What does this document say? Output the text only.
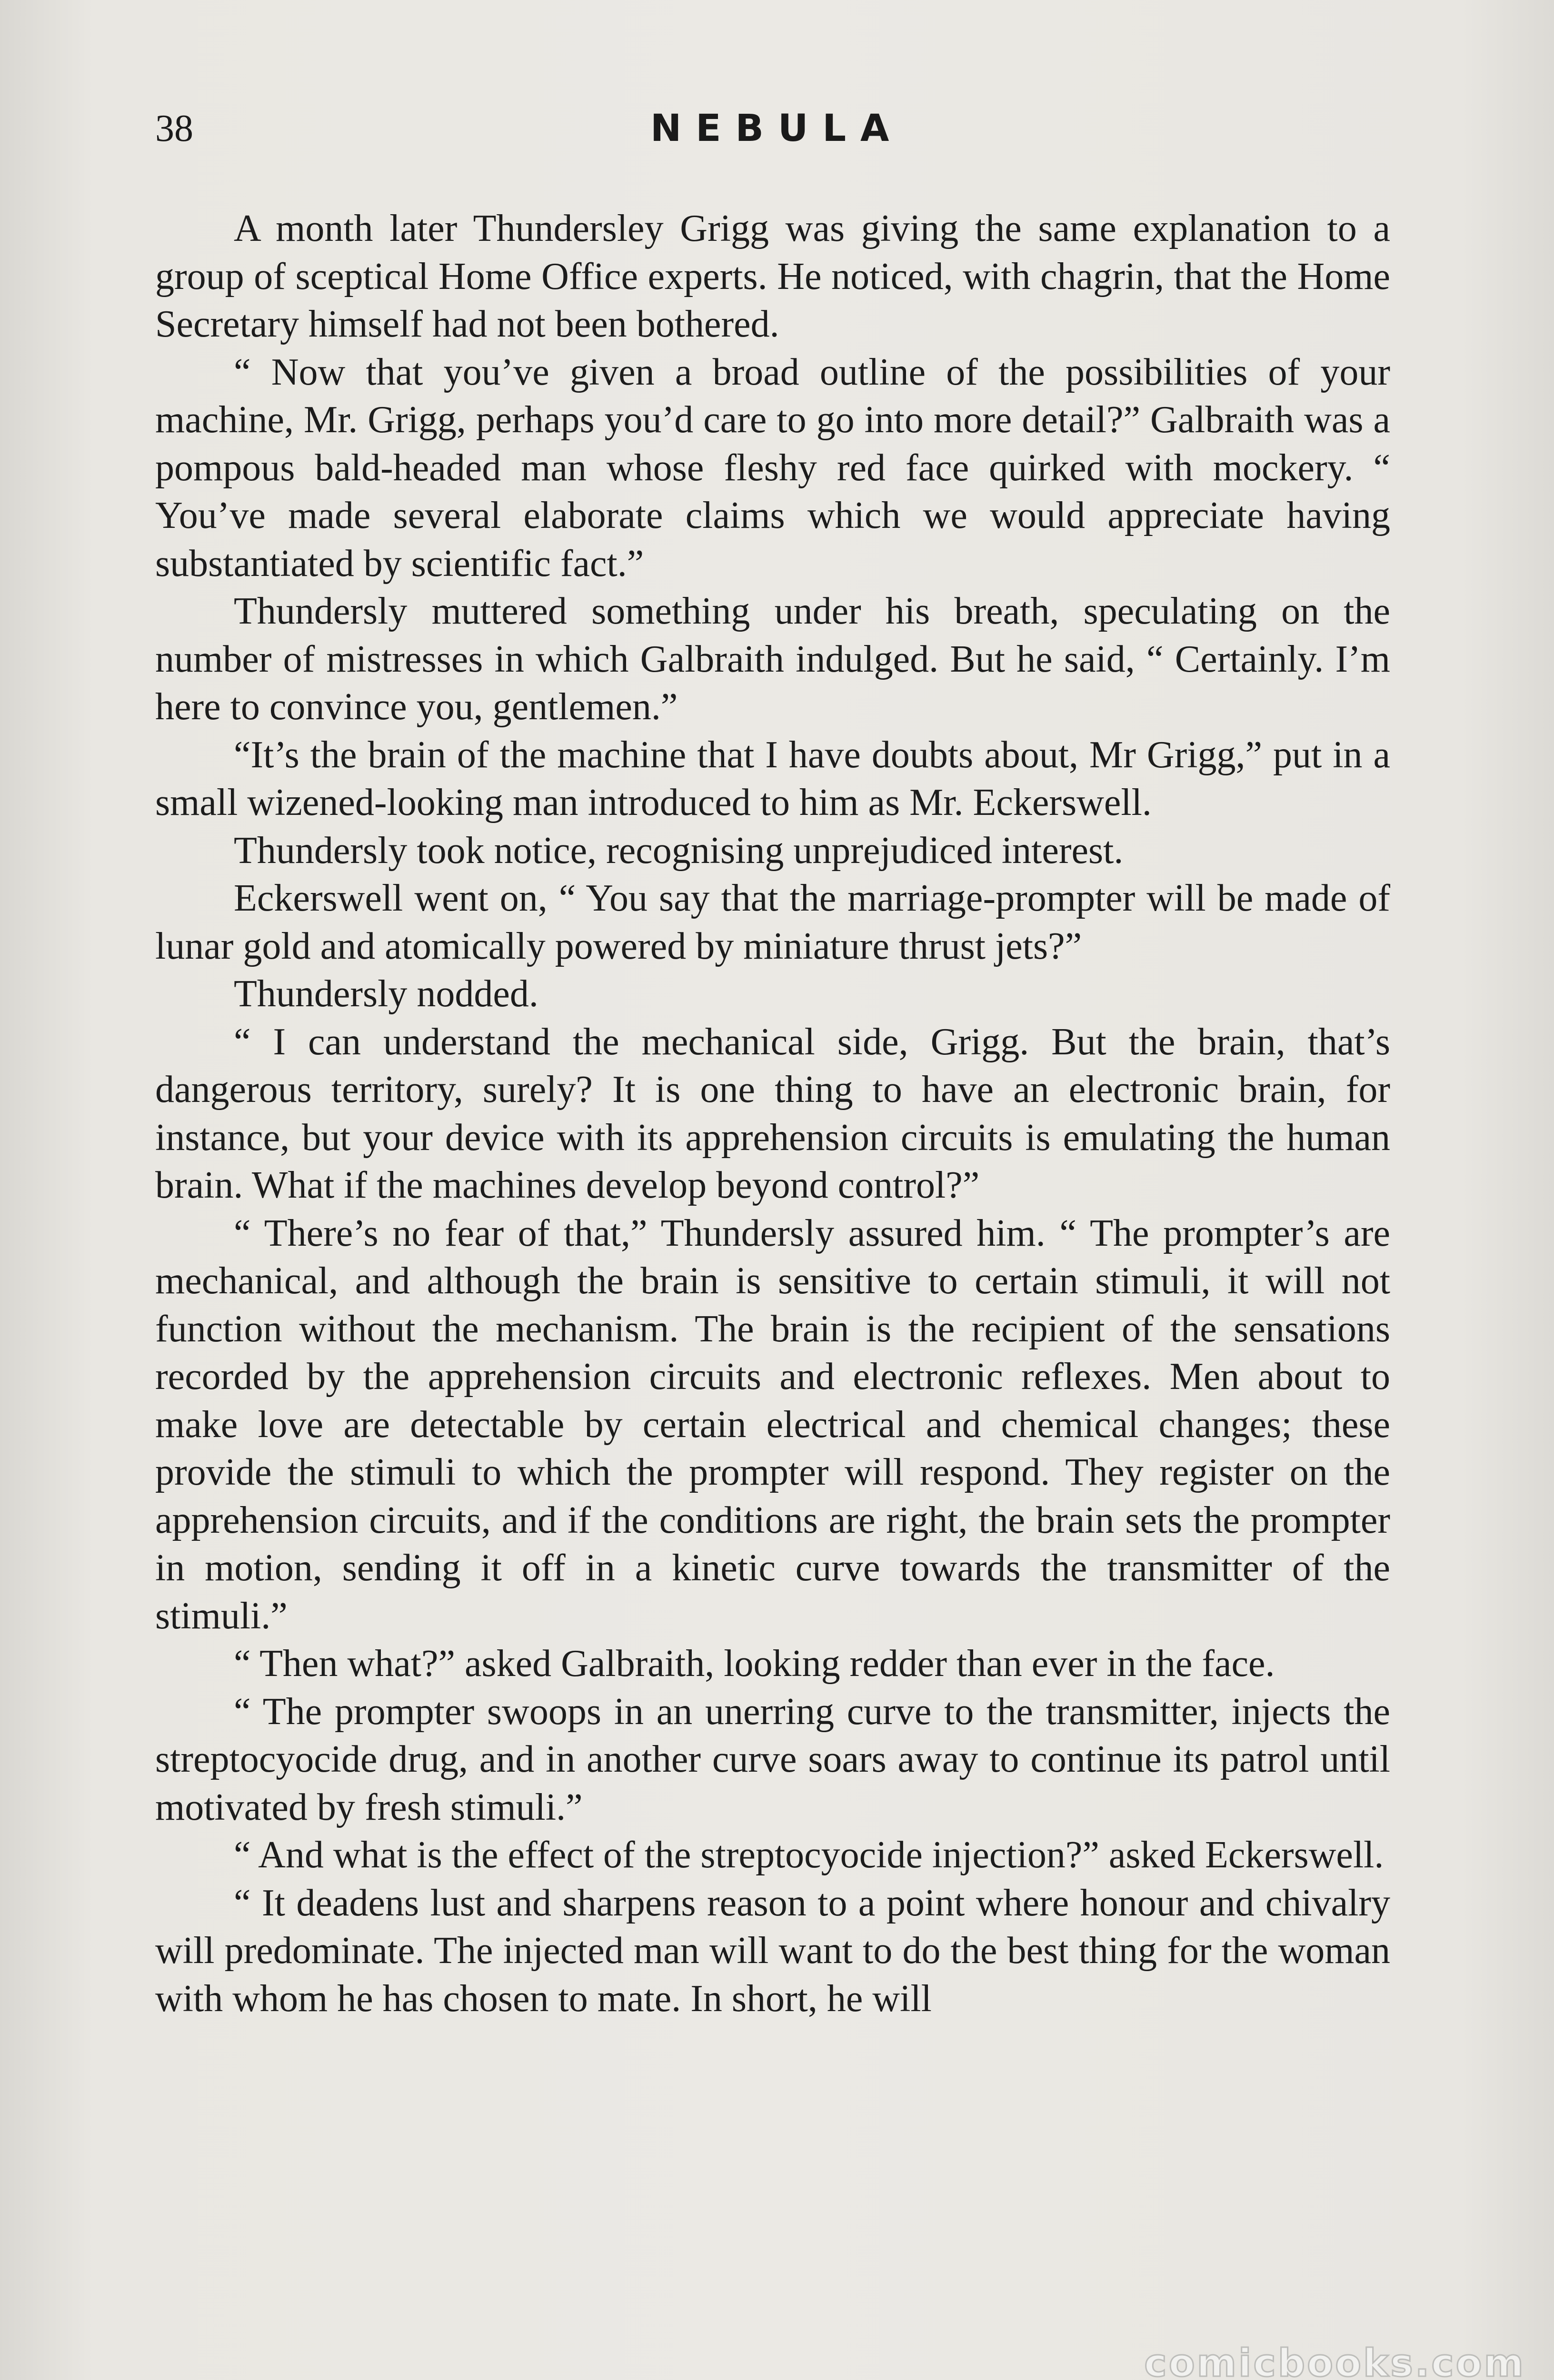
38	NEBULA

A month later Thundersley Grigg was giving the same explanation to a group of sceptical Home Office experts. He noticed, with chagrin, that the Home Secretary himself had not been bothered.

“ Now that you’ve given a broad outline of the possibilities of your machine, Mr. Grigg, perhaps you’d care to go into more detail?” Galbraith was a pompous bald-headed man whose fleshy red face quirked with mockery. “ You’ve made several elaborate claims which we would appreciate having substantiated by scientific fact.”

Thundersly muttered something under his breath, speculating on the number of mistresses in which Galbraith indulged. But he said, “ Certainly. I’m here to convince you, gentlemen.”

“It’s the brain of the machine that I have doubts about, Mr Grigg,” put in a small wizened-looking man introduced to him as Mr. Eckerswell.

Thundersly took notice, recognising unprejudiced interest.

Eckerswell went on, “ You say that the marriage-prompter will be made of lunar gold and atomically powered by miniature thrust jets?”

Thundersly nodded.

“ I can understand the mechanical side, Grigg. But the brain, that’s dangerous territory, surely? It is one thing to have an electronic brain, for instance, but your device with its apprehension circuits is emulating the human brain. What if the machines develop beyond control?”

“ There’s no fear of that,” Thundersly assured him. “ The prompter’s are mechanical, and although the brain is sensitive to certain stimuli, it will not function without the mechanism. The brain is the recipient of the sensations recorded by the apprehension circuits and electronic reflexes. Men about to make love are detectable by certain electrical and chemical changes; these provide the stimuli to which the prompter will respond. They register on the apprehension circuits, and if the conditions are right, the brain sets the prompter in motion, sending it off in a kinetic curve towards the transmitter of the stimuli.”

“ Then what?” asked Galbraith, looking redder than ever in the face.

“ The prompter swoops in an unerring curve to the transmitter, injects the streptocyocide drug, and in another curve soars away to continue its patrol until motivated by fresh stimuli.”

“ And what is the effect of the streptocyocide injection?” asked Eckerswell.

“ It deadens lust and sharpens reason to a point where honour and chivalry will predominate. The injected man will want to do the best thing for the woman with whom he has chosen to mate. In short, he will

comicbooks.com
